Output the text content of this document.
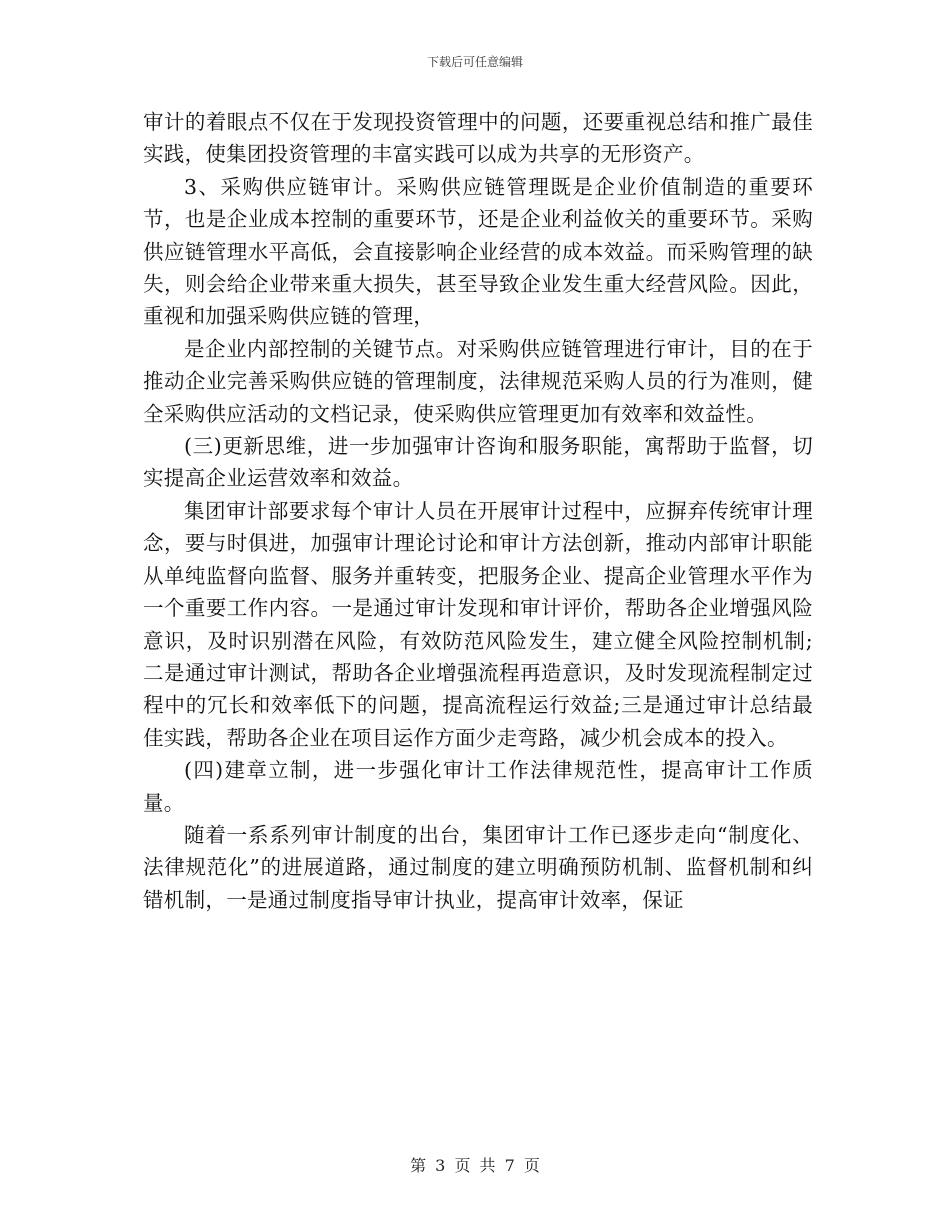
下载后可任意编辑

审计的着眼点不仅在于发现投资管理中的问题，还要重视总结和推广最佳实践，使集团投资管理的丰富实践可以成为共享的无形资产。

3、采购供应链审计。采购供应链管理既是企业价值制造的重要环节，也是企业成本控制的重要环节，还是企业利益攸关的重要环节。采购供应链管理水平高低，会直接影响企业经营的成本效益。而采购管理的缺失，则会给企业带来重大损失，甚至导致企业发生重大经营风险。因此，重视和加强采购供应链的管理，

是企业内部控制的关键节点。对采购供应链管理进行审计，目的在于推动企业完善采购供应链的管理制度，法律规范采购人员的行为准则，健全采购供应活动的文档记录，使采购供应管理更加有效率和效益性。

(三)更新思维，进一步加强审计咨询和服务职能，寓帮助于监督，切实提高企业运营效率和效益。

集团审计部要求每个审计人员在开展审计过程中，应摒弃传统审计理念，要与时俱进，加强审计理论讨论和审计方法创新，推动内部审计职能从单纯监督向监督、服务并重转变，把服务企业、提高企业管理水平作为一个重要工作内容。一是通过审计发现和审计评价，帮助各企业增强风险意识，及时识别潜在风险，有效防范风险发生，建立健全风险控制机制;二是通过审计测试，帮助各企业增强流程再造意识，及时发现流程制定过程中的冗长和效率低下的问题，提高流程运行效益;三是通过审计总结最佳实践，帮助各企业在项目运作方面少走弯路，减少机会成本的投入。

(四)建章立制，进一步强化审计工作法律规范性，提高审计工作质量。

随着一系系列审计制度的出台，集团审计工作已逐步走向“制度化、法律规范化”的进展道路，通过制度的建立明确预防机制、监督机制和纠错机制，一是通过制度指导审计执业，提高审计效率，保证

第 3 页 共 7 页
